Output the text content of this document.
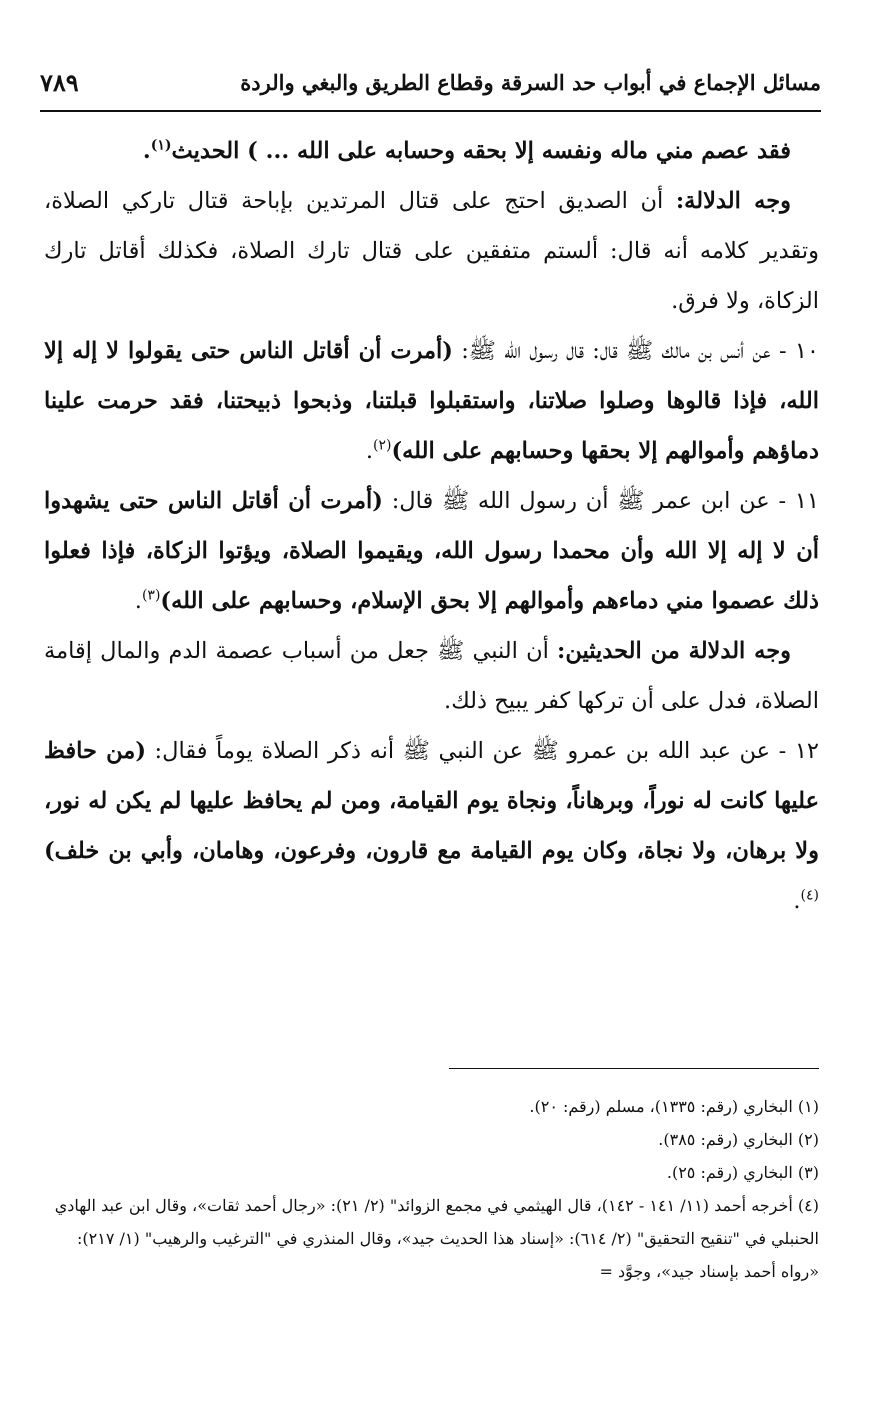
٧٨٩	مسائل الإجماع في أبواب حد السرقة وقطاع الطريق والبغي والردة

فقد عصم مني ماله ونفسه إلا بحقه وحسابه على الله ... ) الحديث$^{(١)}$.

وجه الدلالة: أن الصديق احتج على قتال المرتدين بإباحة قتال تاركي الصلاة، وتقدير كلامه أنه قال: ألستم متفقين على قتال تارك الصلاة، فكذلك أقاتل تارك الزكاة، ولا فرق.

١٠ - عن أنس بن مالك ﷺ قال: قال رسول الله ﷺ: (أمرت أن أقاتل الناس حتى يقولوا لا إله إلا الله، فإذا قالوها وصلوا صلاتنا، واستقبلوا قبلتنا، وذبحوا ذبيحتنا، فقد حرمت علينا دماؤهم وأموالهم إلا بحقها وحسابهم على الله)$^{(٢)}$.

١١ - عن ابن عمر ﷺ أن رسول الله ﷺ قال: (أمرت أن أقاتل الناس حتى يشهدوا أن لا إله إلا الله وأن محمدا رسول الله، ويقيموا الصلاة، ويؤتوا الزكاة، فإذا فعلوا ذلك عصموا مني دماءهم وأموالهم إلا بحق الإسلام، وحسابهم على الله)$^{(٣)}$.

وجه الدلالة من الحديثين: أن النبي ﷺ جعل من أسباب عصمة الدم والمال إقامة الصلاة، فدل على أن تركها كفر يبيح ذلك.

١٢ - عن عبد الله بن عمرو ﷺ عن النبي ﷺ أنه ذكر الصلاة يوماً فقال: (من حافظ عليها كانت له نوراً، وبرهاناً، ونجاة يوم القيامة، ومن لم يحافظ عليها لم يكن له نور، ولا برهان، ولا نجاة، وكان يوم القيامة مع قارون، وفرعون، وهامان، وأبي بن خلف)$^{(٤)}$.

(١) البخاري (رقم: ١٣٣٥)، مسلم (رقم: ٢٠).

(٢) البخاري (رقم: ٣٨٥).

(٣) البخاري (رقم: ٢٥).

(٤) أخرجه أحمد (١١/ ١٤١ - ١٤٢)، قال الهيثمي في مجمع الزوائد" (٢/ ٢١): «رجال أحمد ثقات»، وقال ابن عبد الهادي الحنبلي في "تنقيح التحقيق" (٢/ ٦١٤): «إسناد هذا الحديث جيد»، وقال المنذري في "الترغيب والرهيب" (١/ ٢١٧): «رواه أحمد بإسناد جيد»، وجوَّد =
